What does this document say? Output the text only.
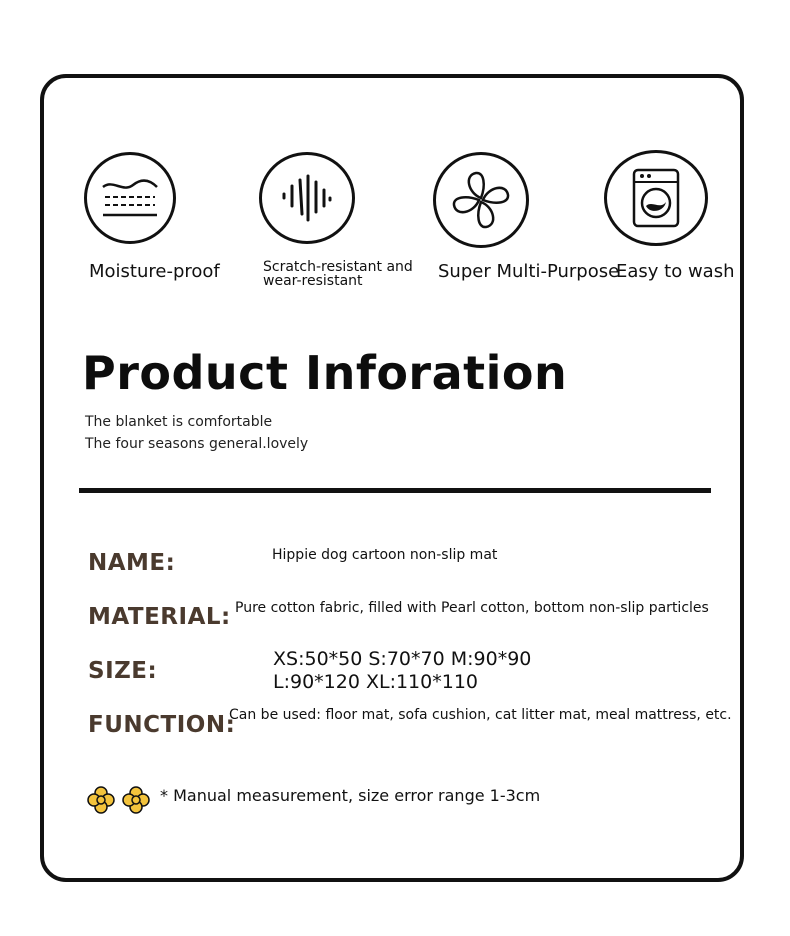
Moisture-proof	Scratch-resistant and wear-resistant	Super Multi-Purpose
Easy to wash
Product Inforation
The blanket is comfortable
The four seasons general.lovely
NAME:	Hippie dog cartoon non-slip mat
MATERIAL: Pure cotton fabric, filled with Pearl cotton, bottom non-slip particles
SIZE:	XS:50*50 S:70*70 M:90*90
L:90*120 XL:110*110
FUNCTION:
Can be used: floor mat, sofa cushion, cat litter mat, meal mattress, etc.
* Manual measurement, size error range 1-3cm
